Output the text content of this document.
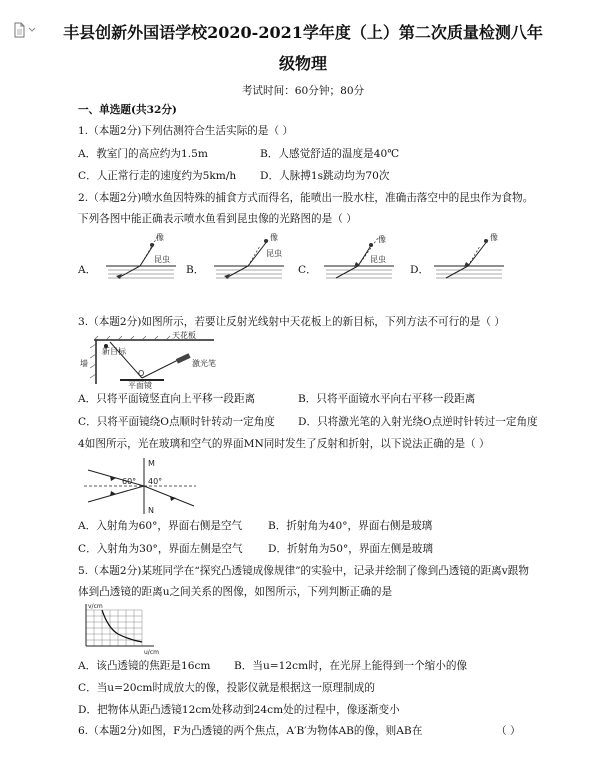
丰县创新外国语学校2020-2021学年度（上）第二次质量检测八年
级物理
考试时间：60分钟；80分
一、单选题(共32分)
1.（本题2分)下列估测符合生活实际的是（ ）
A．教室门的高应约为1.5m	B．人感觉舒适的温度是40℃
C．人正常行走的速度约为5km/h D．人脉搏1s跳动均为70次
2.（本题2分)喷水鱼因特殊的捕食方式而得名，能喷出一股水柱，准确击落空中的昆虫作为食物。
下列各图中能正确表示喷水鱼看到昆虫像的光路图的是（ ）
A．	B．	C．	D．
像
昆虫
像
昆虫
像
昆虫
像
3.（本题2分)如图所示，若要让反射光线射中天花板上的新目标，下列方法不可行的是（ ）
天花板
新目标
墙	激光笔
O
平面镜
A．只将平面镜竖直向上平移一段距离	B．只将平面镜水平向右平移一段距离
C．只将平面镜绕O点顺时针转动一定角度 D．只将激光笔的入射光绕O点逆时针转过一定角度
4如图所示，光在玻璃和空气的界面MN同时发生了反射和折射，以下说法正确的是（ ）
M
N
60° 40°
A．入射角为60°，界面右侧是空气 B．折射角为40°，界面右侧是玻璃
C．入射角为30°，界面左侧是空气 D．折射角为50°，界面左侧是玻璃
5.（本题2分)某班同学在“探究凸透镜成像规律”的实验中，记录并绘制了像到凸透镜的距离v跟物
体到凸透镜的距离u之间关系的图像，如图所示，下列判断正确的是
v/cm
u/cm
A．该凸透镜的焦距是16cm B．当u=12cm时，在光屏上能得到一个缩小的像
C．当u=20cm时成放大的像，投影仪就是根据这一原理制成的
D．把物体从距凸透镜12cm处移动到24cm处的过程中，像逐渐变小
6.（本题2分)如图，F为凸透镜的两个焦点，A′B′为物体AB的像，则AB在	（ ）
